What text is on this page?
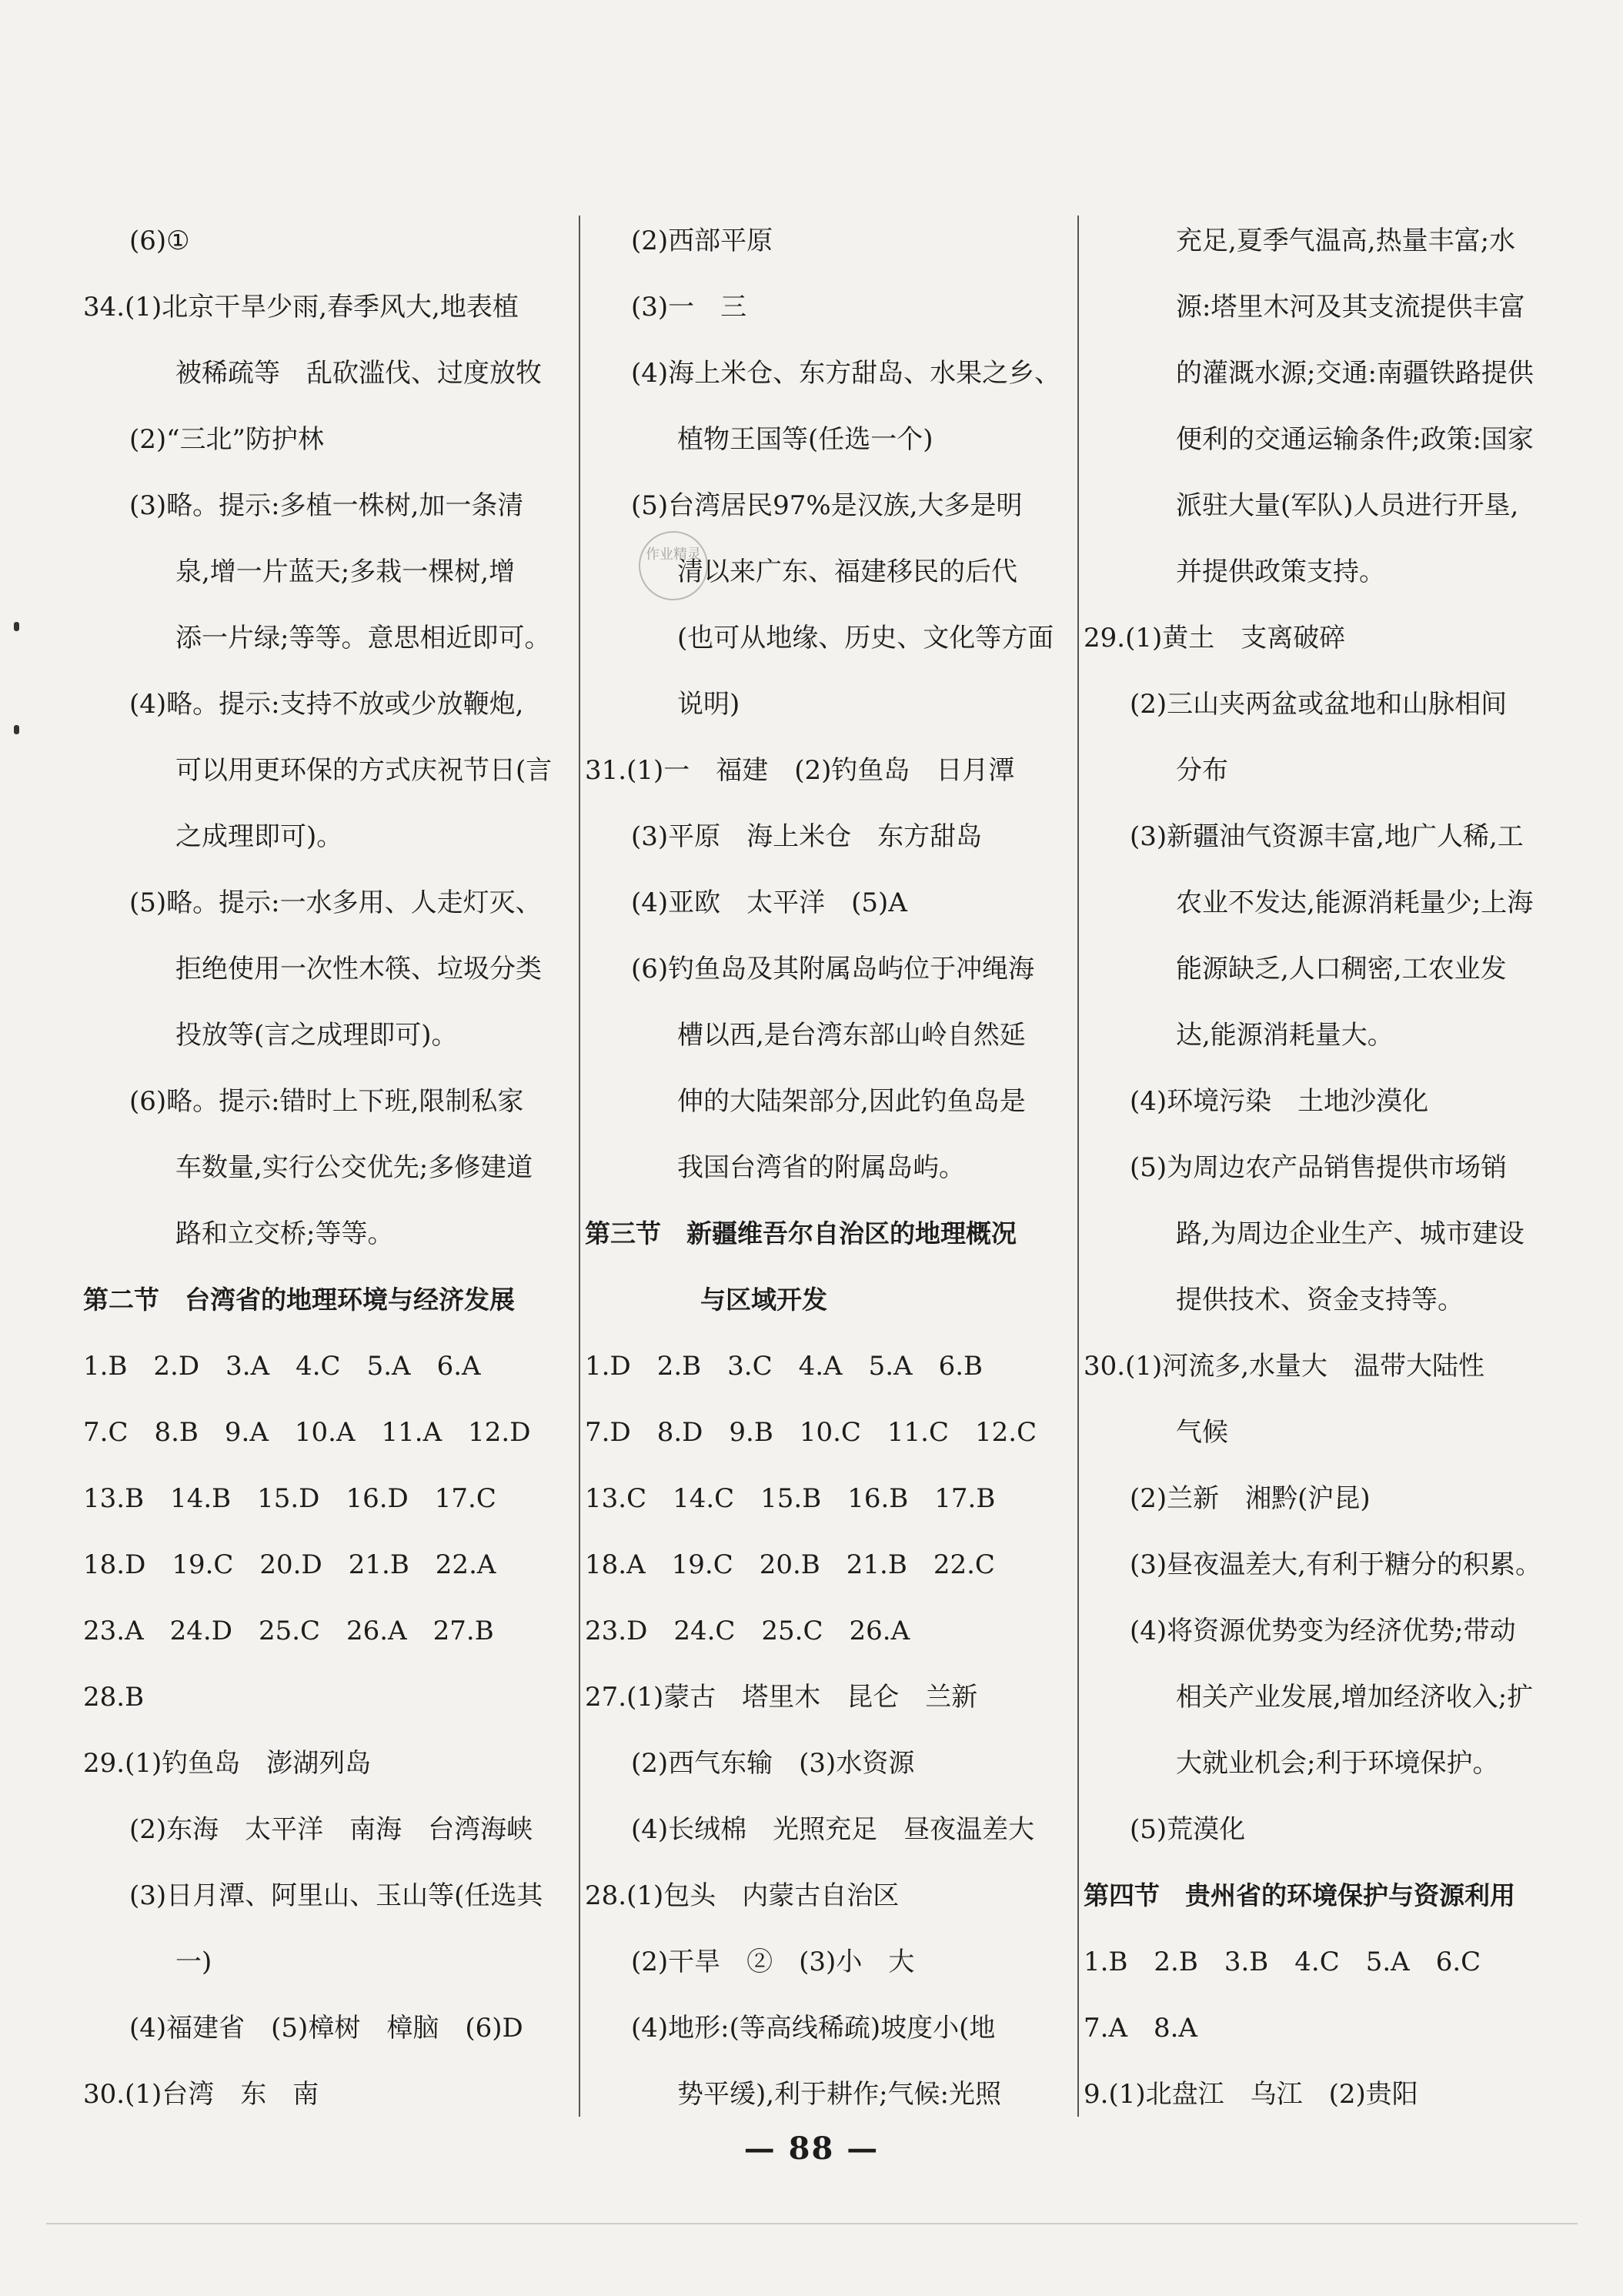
(6)①
34.(1)北京干旱少雨,春季风大,地表植
被稀疏等　乱砍滥伐、过度放牧
(2)“三北”防护林
(3)略。提示:多植一株树,加一条清
泉,增一片蓝天;多栽一棵树,增
添一片绿;等等。意思相近即可。
(4)略。提示:支持不放或少放鞭炮,
可以用更环保的方式庆祝节日(言
之成理即可)。
(5)略。提示:一水多用、人走灯灭、
拒绝使用一次性木筷、垃圾分类
投放等(言之成理即可)。
(6)略。提示:错时上下班,限制私家
车数量,实行公交优先;多修建道
路和立交桥;等等。
第二节　台湾省的地理环境与经济发展
1.B　2.D　3.A　4.C　5.A　6.A
7.C　8.B　9.A　10.A　11.A　12.D
13.B　14.B　15.D　16.D　17.C
18.D　19.C　20.D　21.B　22.A
23.A　24.D　25.C　26.A　27.B
28.B
29.(1)钓鱼岛　澎湖列岛
(2)东海　太平洋　南海　台湾海峡
(3)日月潭、阿里山、玉山等(任选其
一)
(4)福建省　(5)樟树　樟脑　(6)D
30.(1)台湾　东　南
(2)西部平原
(3)一　三
(4)海上米仓、东方甜岛、水果之乡、
植物王国等(任选一个)
(5)台湾居民97%是汉族,大多是明
清以来广东、福建移民的后代
(也可从地缘、历史、文化等方面
说明)
31.(1)一　福建　(2)钓鱼岛　日月潭
(3)平原　海上米仓　东方甜岛
(4)亚欧　太平洋　(5)A
(6)钓鱼岛及其附属岛屿位于冲绳海
槽以西,是台湾东部山岭自然延
伸的大陆架部分,因此钓鱼岛是
我国台湾省的附属岛屿。
第三节　新疆维吾尔自治区的地理概况
与区域开发
1.D　2.B　3.C　4.A　5.A　6.B
7.D　8.D　9.B　10.C　11.C　12.C
13.C　14.C　15.B　16.B　17.B
18.A　19.C　20.B　21.B　22.C
23.D　24.C　25.C　26.A
27.(1)蒙古　塔里木　昆仑　兰新
(2)西气东输　(3)水资源
(4)长绒棉　光照充足　昼夜温差大
28.(1)包头　内蒙古自治区
(2)干旱　②　(3)小　大
(4)地形:(等高线稀疏)坡度小(地
势平缓),利于耕作;气候:光照
充足,夏季气温高,热量丰富;水
源:塔里木河及其支流提供丰富
的灌溉水源;交通:南疆铁路提供
便利的交通运输条件;政策:国家
派驻大量(军队)人员进行开垦,
并提供政策支持。
29.(1)黄土　支离破碎
(2)三山夹两盆或盆地和山脉相间
分布
(3)新疆油气资源丰富,地广人稀,工
农业不发达,能源消耗量少;上海
能源缺乏,人口稠密,工农业发
达,能源消耗量大。
(4)环境污染　土地沙漠化
(5)为周边农产品销售提供市场销
路,为周边企业生产、城市建设
提供技术、资金支持等。
30.(1)河流多,水量大　温带大陆性
气候
(2)兰新　湘黔(沪昆)
(3)昼夜温差大,有利于糖分的积累。
(4)将资源优势变为经济优势;带动
相关产业发展,增加经济收入;扩
大就业机会;利于环境保护。
(5)荒漠化
第四节　贵州省的环境保护与资源利用
1.B　2.B　3.B　4.C　5.A　6.C
7.A　8.A
9.(1)北盘江　乌江　(2)贵阳
作业精灵
— 88 —
